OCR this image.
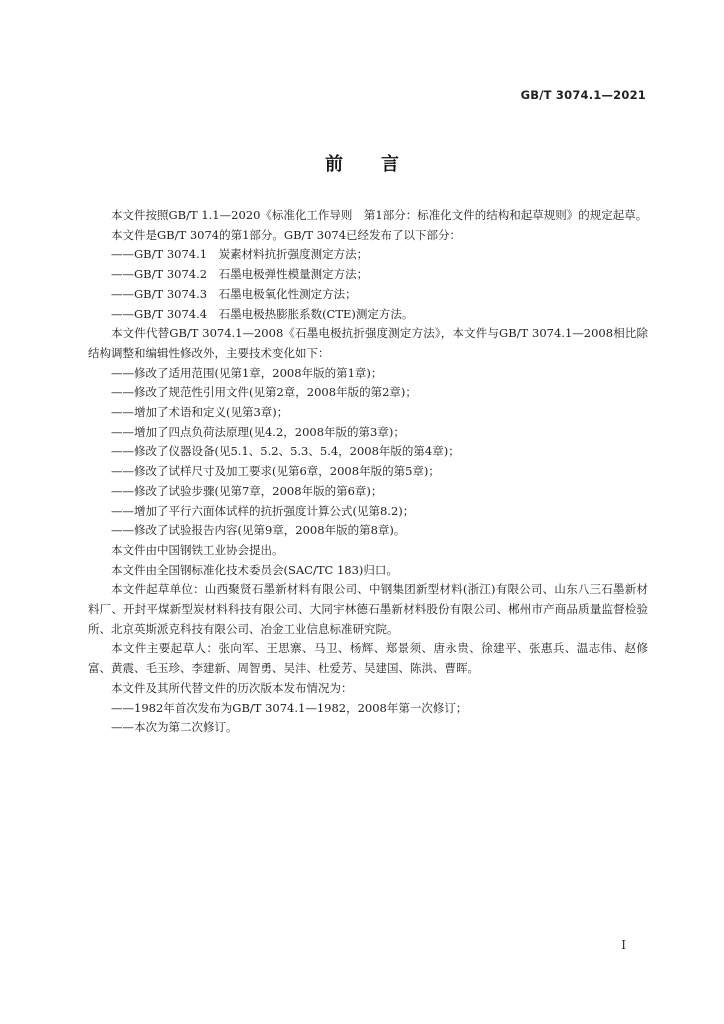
GB/T 3074.1—2021
前言

本文件按照GB/T 1.1—2020《标准化工作导则　第1部分：标准化文件的结构和起草规则》的规定起草。

本文件是GB/T 3074的第1部分。GB/T 3074已经发布了以下部分：

——GB/T 3074.1　炭素材料抗折强度测定方法；

——GB/T 3074.2　石墨电极弹性模量测定方法；

——GB/T 3074.3　石墨电极氧化性测定方法；

——GB/T 3074.4　石墨电极热膨胀系数(CTE)测定方法。

本文件代替GB/T 3074.1—2008《石墨电极抗折强度测定方法》，本文件与GB/T 3074.1—2008相比除结构调整和编辑性修改外，主要技术变化如下：

——修改了适用范围(见第1章，2008年版的第1章)；

——修改了规范性引用文件(见第2章，2008年版的第2章)；

——增加了术语和定义(见第3章)；

——增加了四点负荷法原理(见4.2，2008年版的第3章)；

——修改了仪器设备(见5.1、5.2、5.3、5.4，2008年版的第4章)；

——修改了试样尺寸及加工要求(见第6章，2008年版的第5章)；

——修改了试验步骤(见第7章，2008年版的第6章)；

——增加了平行六面体试样的抗折强度计算公式(见第8.2)；

——修改了试验报告内容(见第9章，2008年版的第8章)。

本文件由中国钢铁工业协会提出。

本文件由全国钢标准化技术委员会(SAC/TC 183)归口。

本文件起草单位：山西聚贤石墨新材料有限公司、中钢集团新型材料(浙江)有限公司、山东八三石墨新材料厂、开封平煤新型炭材料科技有限公司、大同宇林德石墨新材料股份有限公司、郴州市产商品质量监督检验所、北京英斯派克科技有限公司、冶金工业信息标准研究院。

本文件主要起草人：张向军、王思寨、马卫、杨辉、郑景须、唐永贵、徐建平、张惠兵、温志伟、赵修富、黄震、毛玉珍、李建新、周智勇、吴沣、杜爱芳、吴建国、陈洪、曹晖。

本文件及其所代替文件的历次版本发布情况为：

——1982年首次发布为GB/T 3074.1—1982，2008年第一次修订；

——本次为第二次修订。

I
